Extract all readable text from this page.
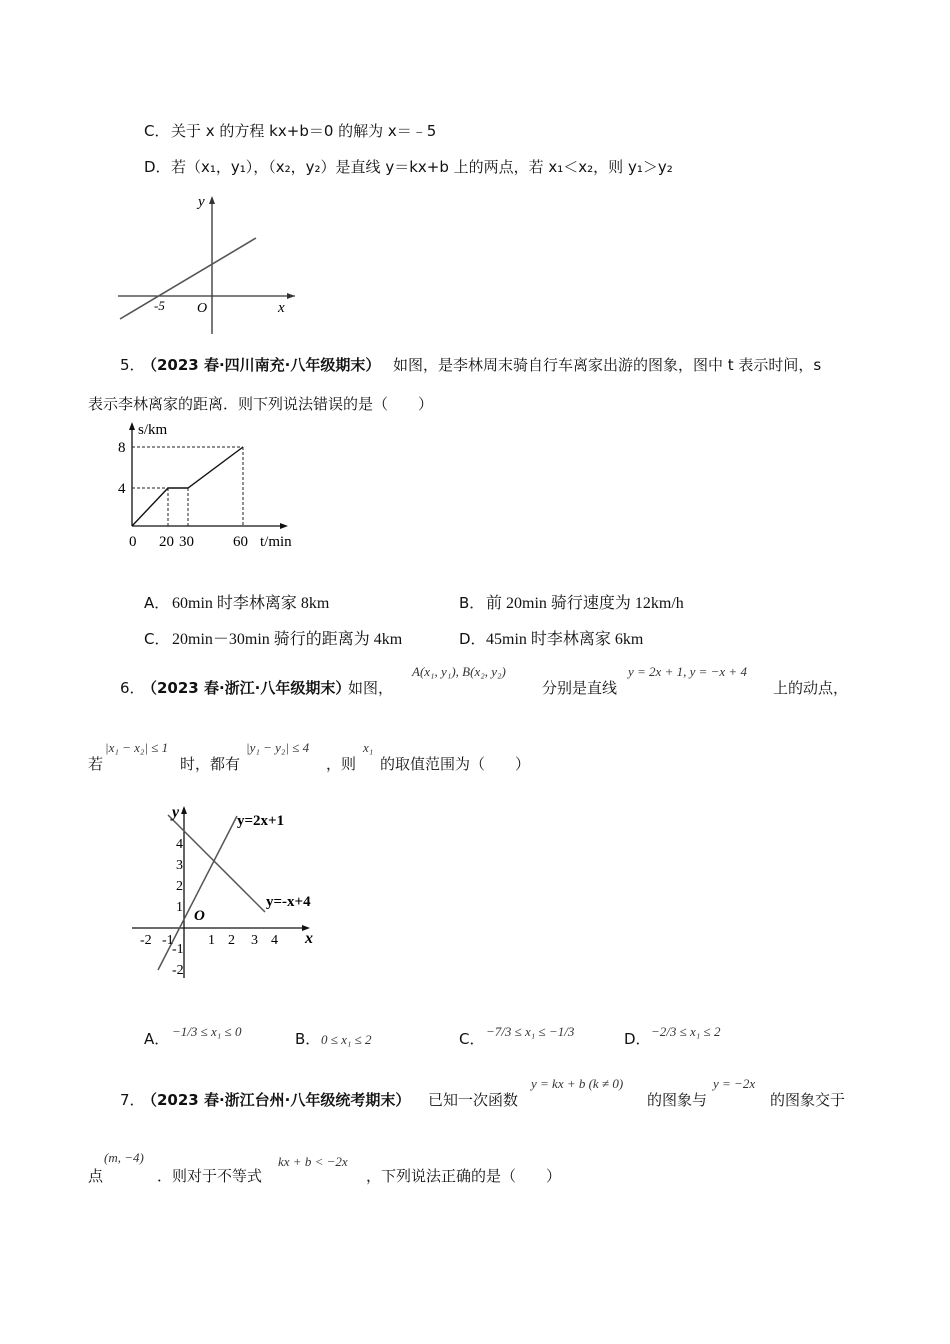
C． 关于 x 的方程 kx+b＝0 的解为 x＝﹣5
D． 若（x₁，y₁），（x₂，y₂）是直线 y＝kx+b 上的两点，若 x₁＜x₂，则 y₁＞y₂
y
x
O
-5
5．
（2023 春·四川南充·八年级期末） 如图，是李林周末骑自行车离家出游的图象，图中 t 表示时间，s
表示李林离家的距离．则下列说法错误的是（　　）
s/km
8
4
0 20 30	60 t/min
A． 60min 时李林离家 8km	B． 前 20min 骑行速度为 12km/h
C． 20min－30min 骑行的距离为 4km	D． 45min 时李林离家 6km
6．
（2023 春·浙江·八年级期末）
如图，
A(x₁, y₁), B(x₂, y₂)
分别是直线
y = 2x + 1, y = −x + 4
上的动点，
若
|x₁ − x₂| ≤ 1
时，都有
|y₁ − y₂| ≤ 4
，则
x₁
的取值范围为（　　）
y
x
O
y=2x+1
y=-x+4
-2 -1 1 2 3 4
4
3
2
1
-1
-2
A． −1/3 ≤ x₁ ≤ 0	B． 0 ≤ x₁ ≤ 2	C． −7/3 ≤ x₁ ≤ −1/3	D． −2/3 ≤ x₁ ≤ 2
7．
（2023 春·浙江台州·八年级统考期末） 已知一次函数
y = kx + b (k ≠ 0)
的图象与
y = −2x
的图象交于
点
(m, −4)
．则对于不等式
kx + b < −2x
，下列说法正确的是（　　）
